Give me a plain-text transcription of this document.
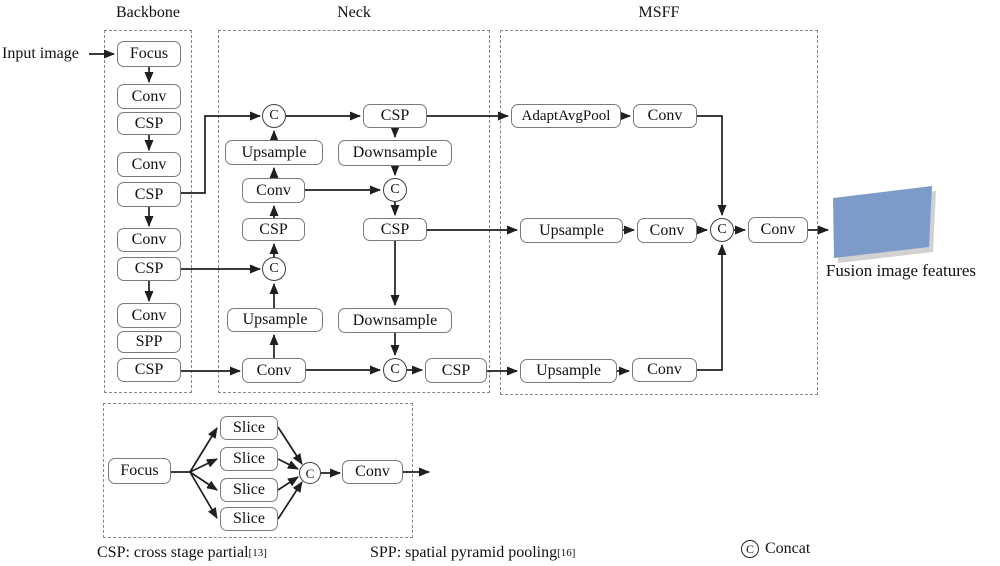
Backbone	Neck	MSFF
Input image	Focus
Conv
CSP
Conv
CSP
Conv
CSP
Conv
SPP
CSP
C	CSP
Upsample	Downsample
Conv	C
CSP	CSP
C
Upsample	Downsample
Conv	C	CSP
AdaptAvgPool	Conv
Upsample	Conv	C	Conv
Upsample	Conv
Fusion image features
Focus
Slice
Slice
Slice
Slice
C	Conv
CSP: cross stage partial [13]	SPP: spatial pyramid pooling [16]	C Concat
